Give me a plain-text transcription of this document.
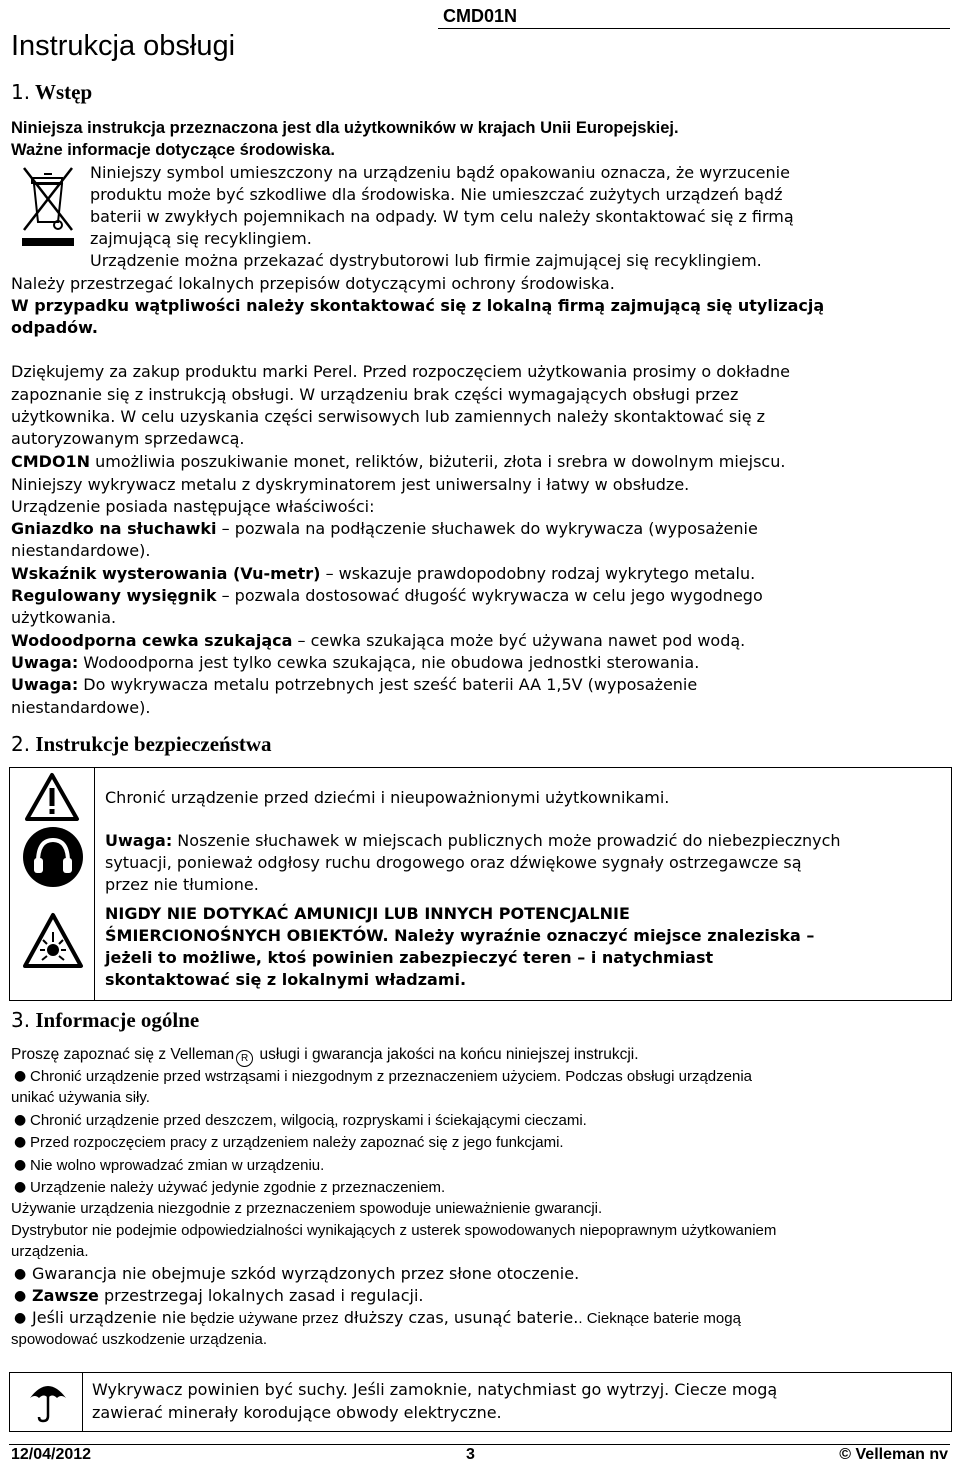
Instrukcja obsługi
CMD01N
1. Wstęp
Niniejsza instrukcja przeznaczona jest dla użytkowników w krajach Unii Europejskiej.
Ważne informacje dotyczące środowiska.
Niniejszy symbol umieszczony na urządzeniu bądź opakowaniu oznacza, że wyrzucenie
produktu może być szkodliwe dla środowiska. Nie umieszczać zużytych urządzeń bądź
baterii w zwykłych pojemnikach na odpady. W tym celu należy skontaktować się z firmą
zajmującą się recyklingiem.
Urządzenie można przekazać dystrybutorowi lub firmie zajmującej się recyklingiem.
Należy przestrzegać lokalnych przepisów dotyczącymi ochrony środowiska.
W przypadku wątpliwości należy skontaktować się z lokalną firmą zajmującą się utylizacją
odpadów.
Dziękujemy za zakup produktu marki Perel. Przed rozpoczęciem użytkowania prosimy o dokładne
zapoznanie się z instrukcją obsługi. W urządzeniu brak części wymagających obsługi przez
użytkownika. W celu uzyskania części serwisowych lub zamiennych należy skontaktować się z
autoryzowanym sprzedawcą.
CMDO1N umożliwia poszukiwanie monet, reliktów, biżuterii, złota i srebra w dowolnym miejscu.
Niniejszy wykrywacz metalu z dyskryminatorem jest uniwersalny i łatwy w obsłudze.
Urządzenie posiada następujące właściwości:
Gniazdko na słuchawki – pozwala na podłączenie słuchawek do wykrywacza (wyposażenie
niestandardowe).
Wskaźnik wysterowania (Vu-metr) – wskazuje prawdopodobny rodzaj wykrytego metalu.
Regulowany wysięgnik – pozwala dostosować długość wykrywacza w celu jego wygodnego
użytkowania.
Wodoodporna cewka szukająca – cewka szukająca może być używana nawet pod wodą.
Uwaga: Wodoodporna jest tylko cewka szukająca, nie obudowa jednostki sterowania.
Uwaga: Do wykrywacza metalu potrzebnych jest sześć baterii AA 1,5V (wyposażenie
niestandardowe).
2. Instrukcje bezpieczeństwa
Chronić urządzenie przed dziećmi i nieupoważnionymi użytkownikami.
Uwaga: Noszenie słuchawek w miejscach publicznych może prowadzić do niebezpiecznych
sytuacji, ponieważ odgłosy ruchu drogowego oraz dźwiękowe sygnały ostrzegawcze są
przez nie tłumione.
NIGDY NIE DOTYKAĆ AMUNICJI LUB INNYCH POTENCJALNIE
ŚMIERCIONOŚNYCH OBIEKTÓW. Należy wyraźnie oznaczyć miejsce znaleziska –
jeżeli to możliwe, ktoś powinien zabezpieczyć teren – i natychmiast
skontaktować się z lokalnymi władzami.
3. Informacje ogólne
Proszę zapoznać się z Velleman R usługi i gwarancja jakości na końcu niniejszej instrukcji.
● Chronić urządzenie przed wstrząsami i niezgodnym z przeznaczeniem użyciem. Podczas obsługi urządzenia
unikać używania siły.
● Chronić urządzenie przed deszczem, wilgocią, rozpryskami i ściekającymi cieczami.
● Przed rozpoczęciem pracy z urządzeniem należy zapoznać się z jego funkcjami.
● Nie wolno wprowadzać zmian w urządzeniu.
● Urządzenie należy używać jedynie zgodnie z przeznaczeniem.
Używanie urządzenia niezgodnie z przeznaczeniem spowoduje unieważnienie gwarancji.
Dystrybutor nie podejmie odpowiedzialności wynikających z usterek spowodowanych niepoprawnym użytkowaniem
urządzenia.
● Gwarancja nie obejmuje szkód wyrządzonych przez słone otoczenie.
● Zawsze przestrzegaj lokalnych zasad i regulacji.
● Jeśli urządzenie nie będzie używane przez dłuższy czas, usunąć baterie.. Cieknące baterie mogą
spowodować uszkodzenie urządzenia.
Wykrywacz powinien być suchy. Jeśli zamoknie, natychmiast go wytrzyj. Ciecze mogą
zawierać minerały korodujące obwody elektryczne.
12/04/2012	3	© Velleman nv
